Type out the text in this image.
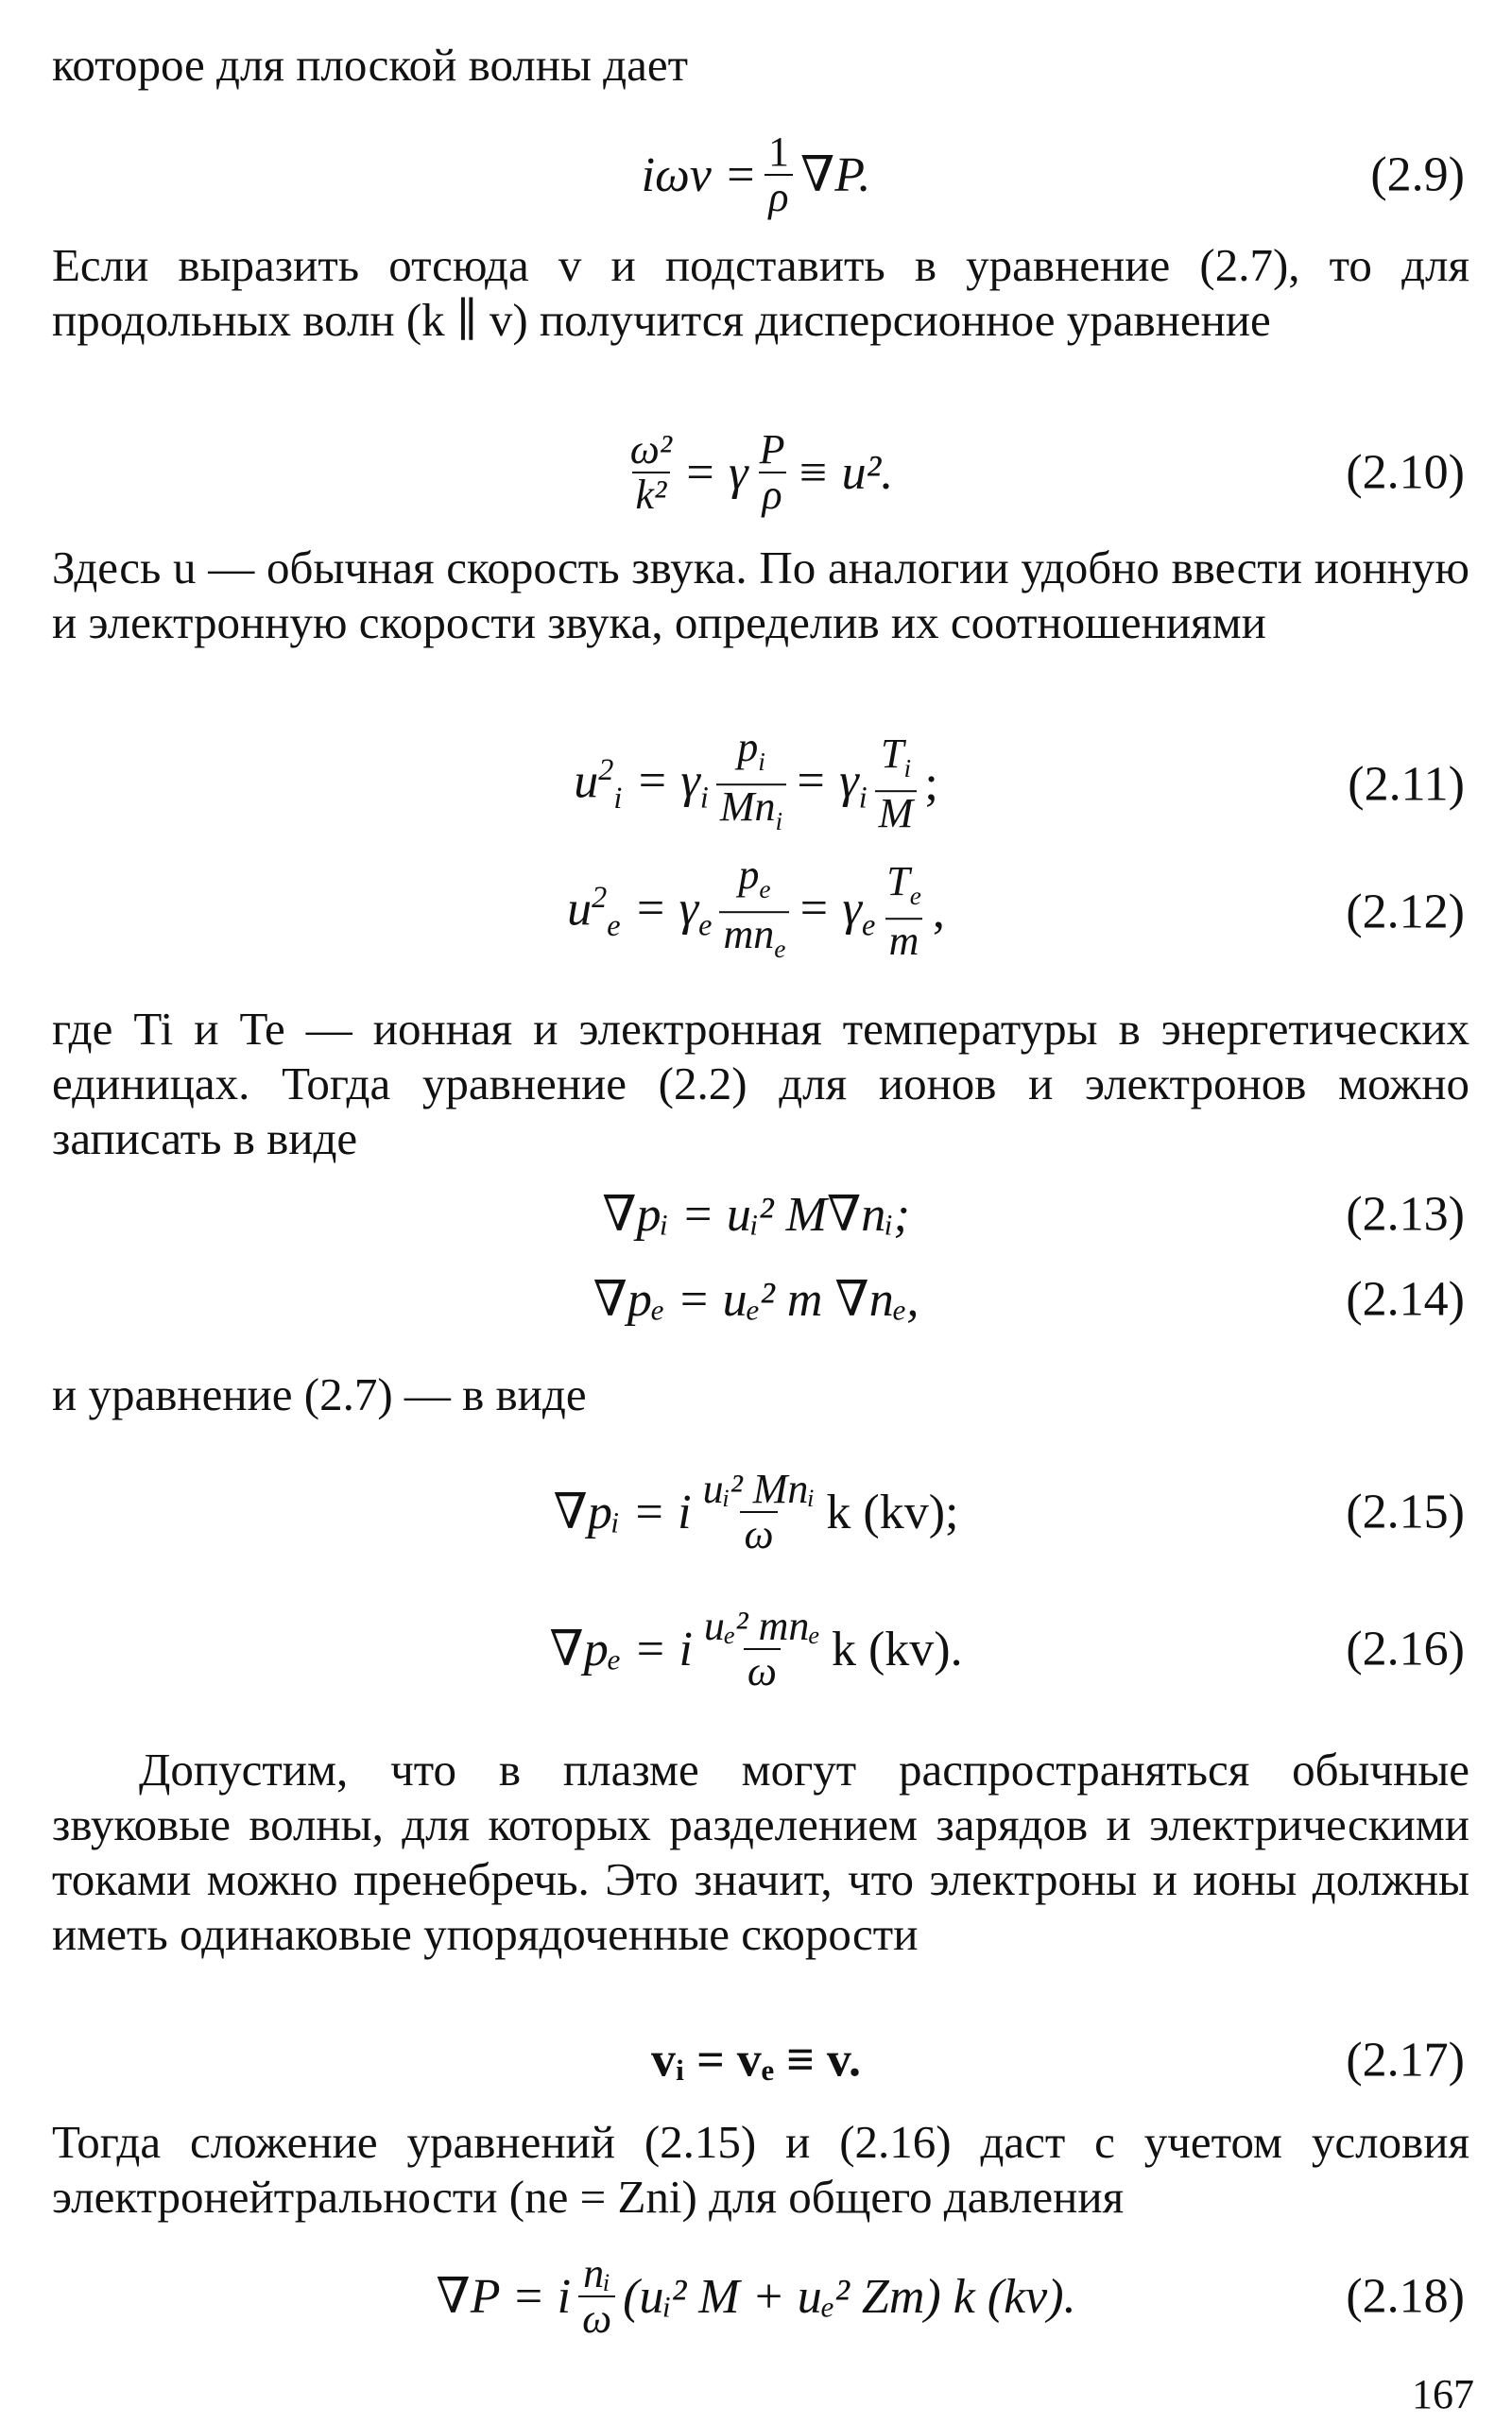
которое для плоской волны дает

$i\omega v = \frac{1}{\rho} \nabla P$.	(2.9)

Если выразить отсюда v и подставить в уравнение (2.7), то для продольных волн (k ∥ v) получится дисперсионное уравнение

$\frac{\text{ω²}}{\text{k²}} = \gamma \frac{P}{\rho} \equiv u^2$.	(2.10)

Здесь u — обычная скорость звука. По аналогии удобно ввести ионную и электронную скорости звука, определив их соотношениями

$u^2_i = \gamma_i \frac{p_i}{Mn_i} = \gamma_i \frac{T_i}{M}$ ;	(2.11)
$u^2_e = \gamma_e \frac{p_e}{mn_e} = \gamma_e \frac{T_e}{m}$ ,	(2.12)

где Ti и Te — ионная и электронная температуры в энергетических единицах. Тогда уравнение (2.2) для ионов и электронов можно записать в виде

∇pᵢ = uᵢ² M∇nᵢ;	(2.13)
∇pₑ = uₑ² m ∇nₑ,	(2.14)

и уравнение (2.7) — в виде

∇pᵢ = i $\frac{\text{uᵢ² Mnᵢ}}{\omega}$ k (kv);	(2.15)
∇pₑ = i $\frac{\text{uₑ² mnₑ}}{\omega}$ k (kv).	(2.16)

Допустим, что в плазме могут распространяться обычные звуковые волны, для которых разделением зарядов и электрическими токами можно пренебречь. Это значит, что электроны и ионы должны иметь одинаковые упорядоченные скорости

vᵢ = vₑ ≡ v.	(2.17)

Тогда сложение уравнений (2.15) и (2.16) даст с учетом условия электронейтральности (ne = Zni) для общего давления

∇P = i $\frac{\text{nᵢ}}{\omega}$ (uᵢ² M + uₑ² Zm) k (kv).	(2.18)
167
